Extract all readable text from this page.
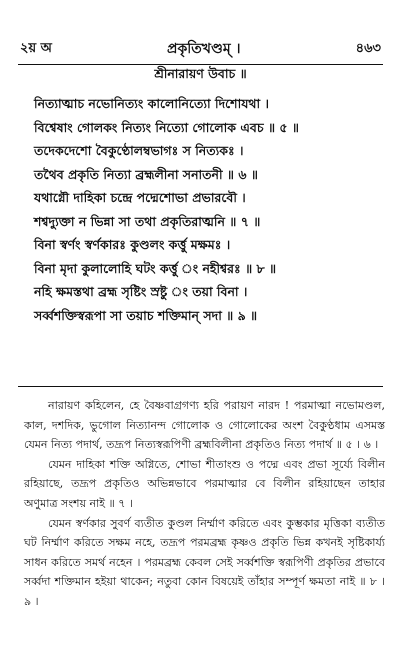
২য় অ	প্রকৃতিখণ্ডম্ ।	৪৬৩
শ্রীনারায়ণ উবাচ ॥
নিত্যাত্মাচ নভোনিত্যং কালোনিত্যো দিশোযথা ।
বিশ্বেষাং গোলকং নিত্যং নিত্যো গোলোক এবচ ॥ ৫ ॥
তদেকদেশো বৈকুণ্ঠোলম্বভাগঃ স নিত্যকঃ ।
তথৈব প্রকৃতি নিত্যা ব্রহ্মলীনা সনাতনী ॥ ৬ ॥
যথাগ্নৌ দাহিকা চন্দ্রে পদ্মেশোভা প্রভারবৌ ।
শশ্বদ্যুক্তা ন ভিন্না সা তথা প্রকৃতিরাত্মনি ॥ ৭ ॥
বিনা স্বর্ণং স্বর্ণকারঃ কুণ্ডলং কর্ত্তু মক্ষমঃ ।
বিনা মৃদা কুলালোহি ঘটং কর্ত্তু ং নহীশ্বরঃ ॥ ৮ ॥
নহি ক্ষমস্তথা ব্রহ্ম সৃষ্টিং স্রষ্টু ং তয়া বিনা ।
সর্ব্বশক্তিস্বরূপা সা তয়াচ শক্তিমান্ সদা ॥ ৯ ॥

নারায়ণ কহিলেন, হে বৈষ্ণবাগ্রগণ্য হরি পরায়ণ নারদ ! পরমাত্মা নভোমণ্ডল, কাল, দশদিক, ভুগোল নিত্যানন্দ গোলোক ও গোলোকের অংশ বৈকুণ্ঠধাম এসমস্ত যেমন নিত্য পদার্থ, তদ্রূপ নিত্যস্বরূপিণী ব্রহ্মবিলীনা প্রকৃতিও নিত্য পদার্থ ॥ ৫ । ৬ ।

যেমন দাহিকা শক্তি অগ্নিতে, শোভা শীতাংশু ও পদ্মে এবং প্রভা সূর্য্যে বিলীন রহিয়াছে, তদ্রূপ প্রকৃতিও অভিন্নভাবে পরমাত্মার বে বিলীন রহিয়াছেন তাহার অণুমাত্র সংশয় নাই ॥ ৭ ।

যেমন স্বর্ণকার সুবর্ণ ব্যতীত কুণ্ডল নির্ম্মাণ করিতে এবং কুম্ভকার মৃত্তিকা ব্যতীত ঘট নির্ম্মাণ করিতে সক্ষম নহে, তদ্রূপ পরমব্রহ্ম কৃষ্ণও প্রকৃতি ভিন্ন কখনই সৃষ্টিকার্য্য সাধন করিতে সমর্থ নহেন । পরমব্রহ্ম কেবল সেই সর্ব্বশক্তি স্বরূপিণী প্রকৃতির প্রভাবে সর্ব্বদা শক্তিমান হইয়া থাকেন; নতুবা কোন বিষয়েই তাঁহার সম্পূর্ণ ক্ষমতা নাই ॥ ৮ । ৯ ।
